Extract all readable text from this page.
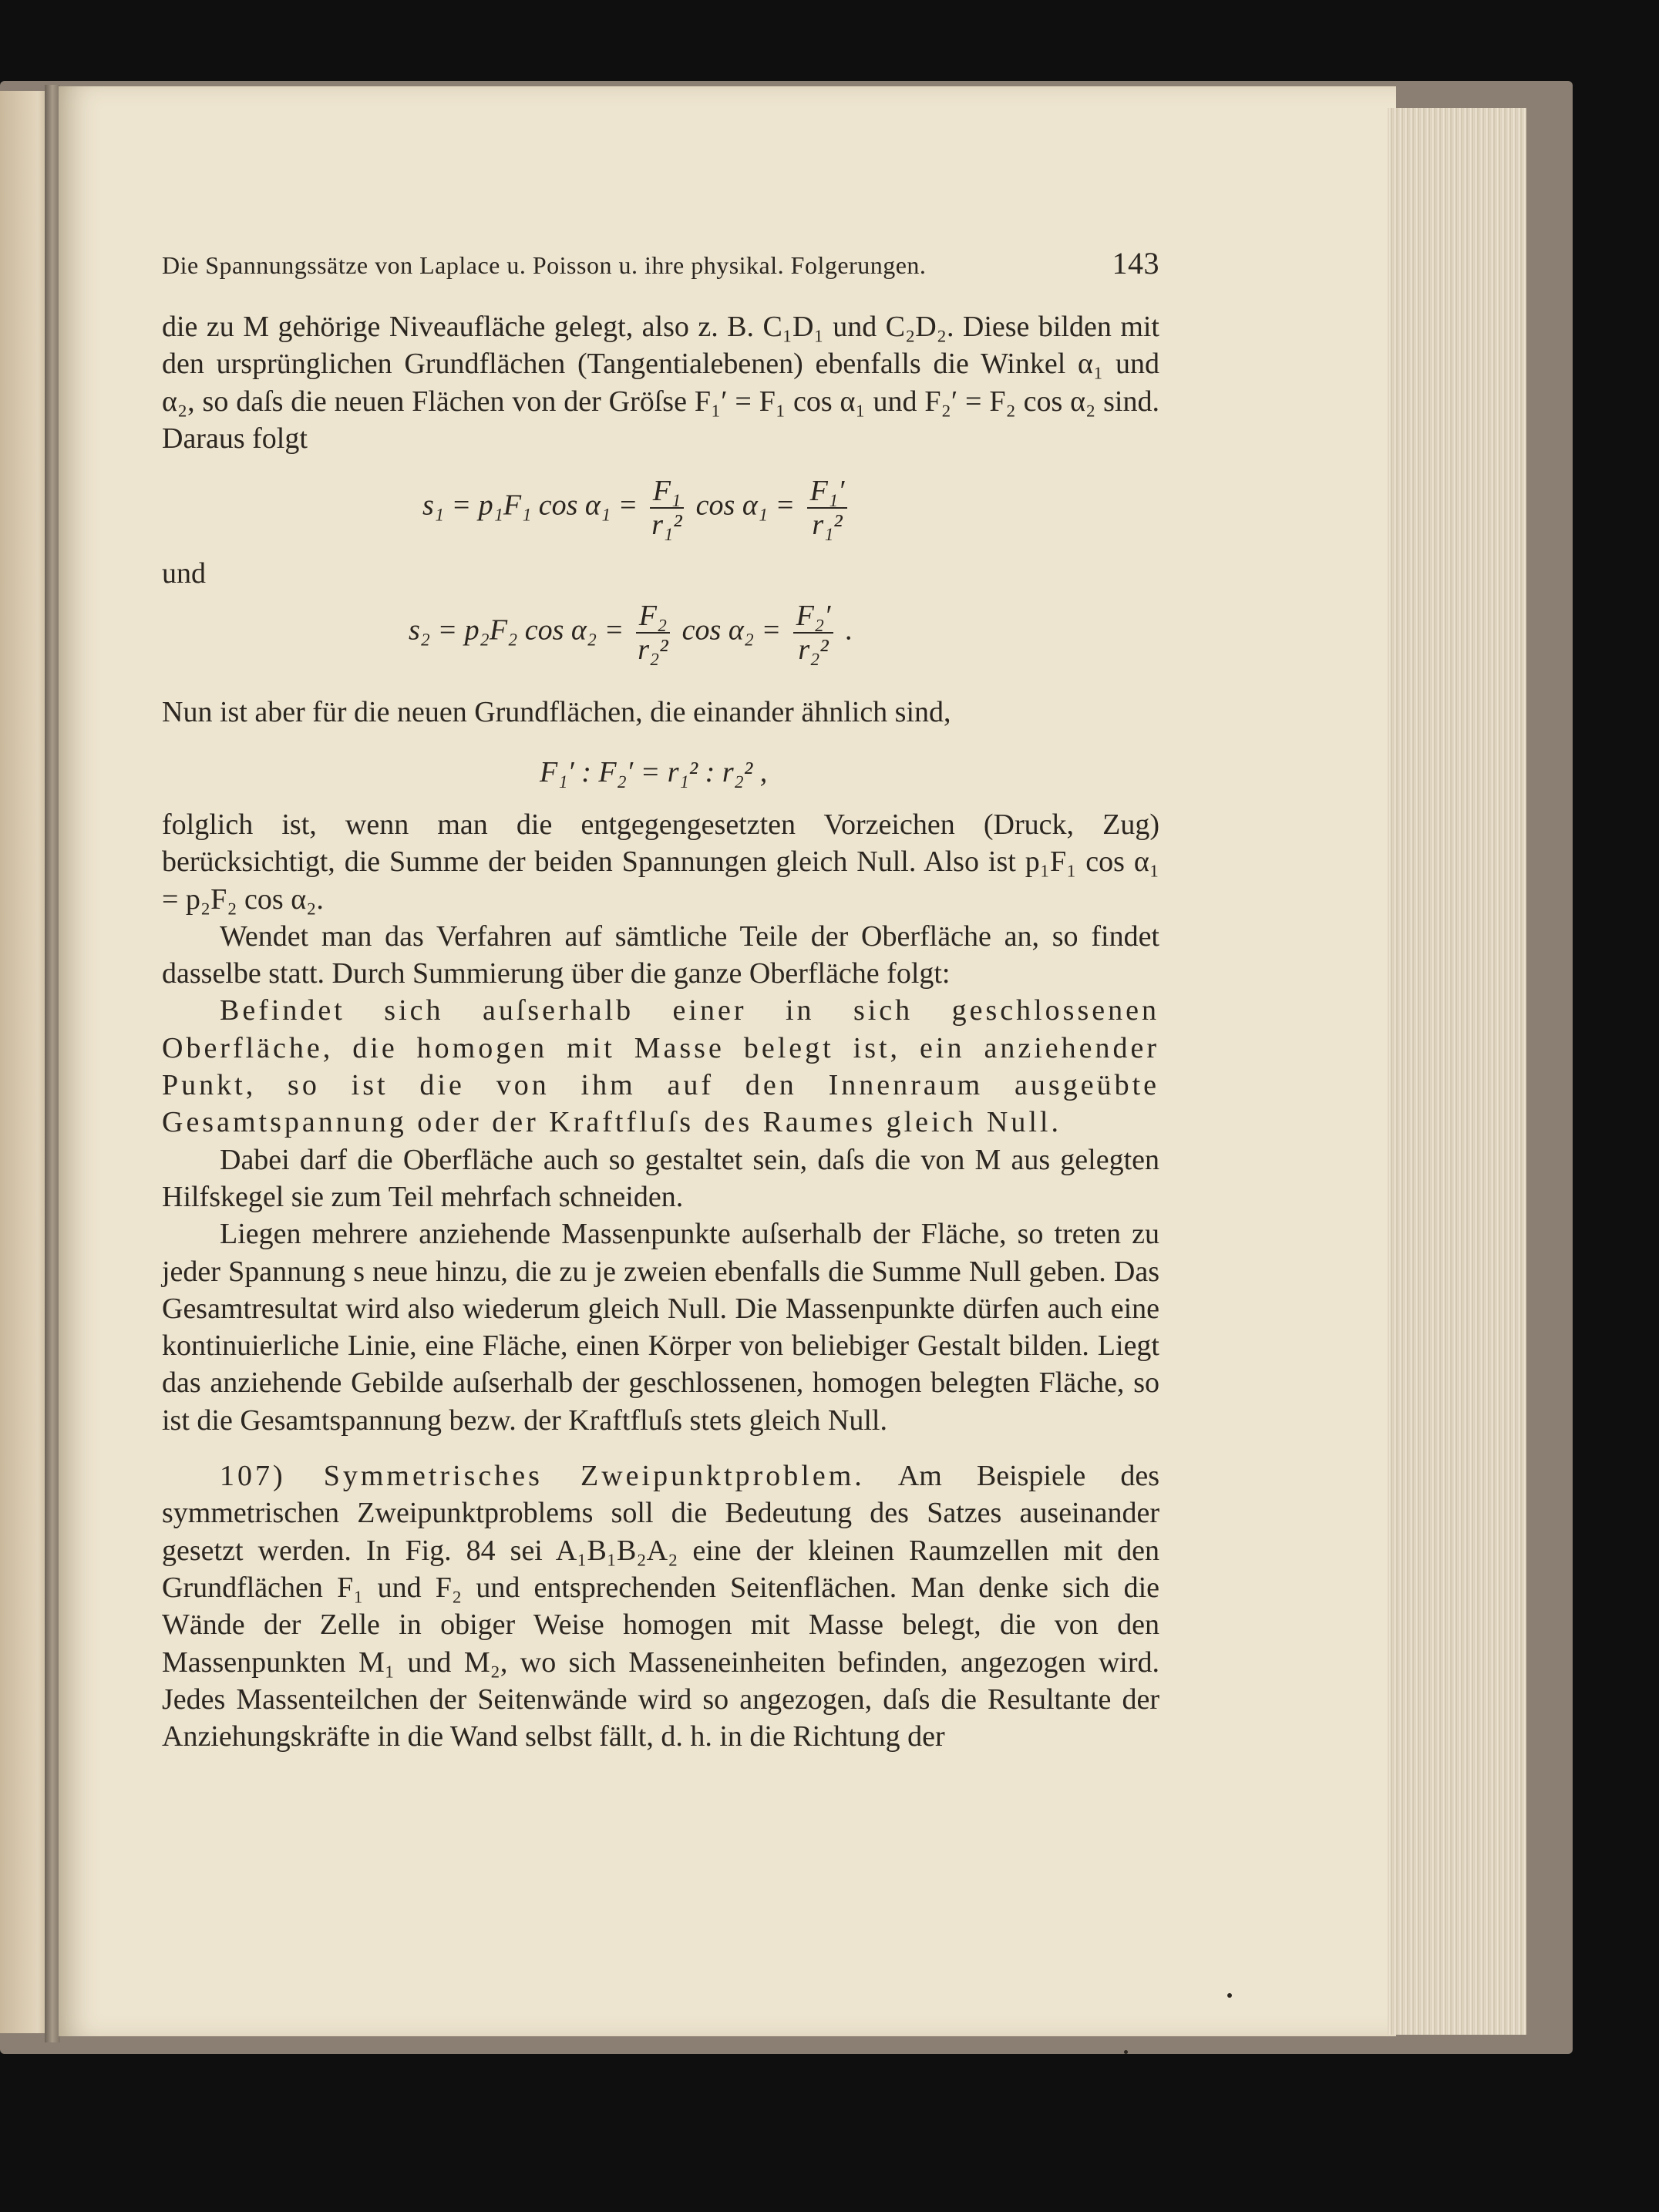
Die Spannungssätze von Laplace u. Poisson u. ihre physikal. Folgerungen.	143

die zu M gehörige Niveaufläche gelegt, also z. B. C₁D₁ und C₂D₂. Diese bilden mit den ursprünglichen Grundflächen (Tangentialebenen) ebenfalls die Winkel α₁ und α₂, so daſs die neuen Flächen von der Gröſse F₁′ = F₁ cos α₁ und F₂′ = F₂ cos α₂ sind. Daraus folgt

s₁ = p₁F₁ $\cos \alpha_1 = \frac{\text{F₁}}{\text{r₁²}}$ $\cos \alpha_1 = \frac{\text{F₁′}}{\text{r₁²}}$
und
s₂ = p₂F₂ $\cos \alpha_2 = \frac{\text{F₂}}{\text{r₂²}}$ $\cos \alpha_2 = \frac{\text{F₂′}}{\text{r₂²}}$ .

Nun ist aber für die neuen Grundflächen, die einander ähnlich sind,

F₁′ : F₂′ = r₁² : r₂² ,

folglich ist, wenn man die entgegengesetzten Vorzeichen (Druck, Zug) berücksichtigt, die Summe der beiden Spannungen gleich Null. Also ist p₁F₁ cos α₁ = p₂F₂ cos α₂.

Wendet man das Verfahren auf sämtliche Teile der Oberfläche an, so findet dasselbe statt. Durch Summierung über die ganze Oberfläche folgt:

Befindet sich auſserhalb einer in sich geschlossenen Oberfläche, die homogen mit Masse belegt ist, ein anziehender Punkt, so ist die von ihm auf den Innenraum ausgeübte Gesamtspannung oder der Kraftfluſs des Raumes gleich Null.

Dabei darf die Oberfläche auch so gestaltet sein, daſs die von M aus gelegten Hilfskegel sie zum Teil mehrfach schneiden.

Liegen mehrere anziehende Massenpunkte auſserhalb der Fläche, so treten zu jeder Spannung s neue hinzu, die zu je zweien ebenfalls die Summe Null geben. Das Gesamtresultat wird also wiederum gleich Null. Die Massenpunkte dürfen auch eine kontinuierliche Linie, eine Fläche, einen Körper von beliebiger Gestalt bilden. Liegt das anziehende Gebilde auſserhalb der geschlossenen, homogen belegten Fläche, so ist die Gesamtspannung bezw. der Kraftfluſs stets gleich Null.

107) Symmetrisches Zweipunktproblem. Am Beispiele des symmetrischen Zweipunktproblems soll die Bedeutung des Satzes auseinander gesetzt werden. In Fig. 84 sei A₁B₁B₂A₂ eine der kleinen Raumzellen mit den Grundflächen F₁ und F₂ und entsprechenden Seitenflächen. Man denke sich die Wände der Zelle in obiger Weise homogen mit Masse belegt, die von den Massenpunkten M₁ und M₂, wo sich Masseneinheiten befinden, angezogen wird. Jedes Massenteilchen der Seitenwände wird so angezogen, daſs die Resultante der Anziehungskräfte in die Wand selbst fällt, d. h. in die Richtung der
